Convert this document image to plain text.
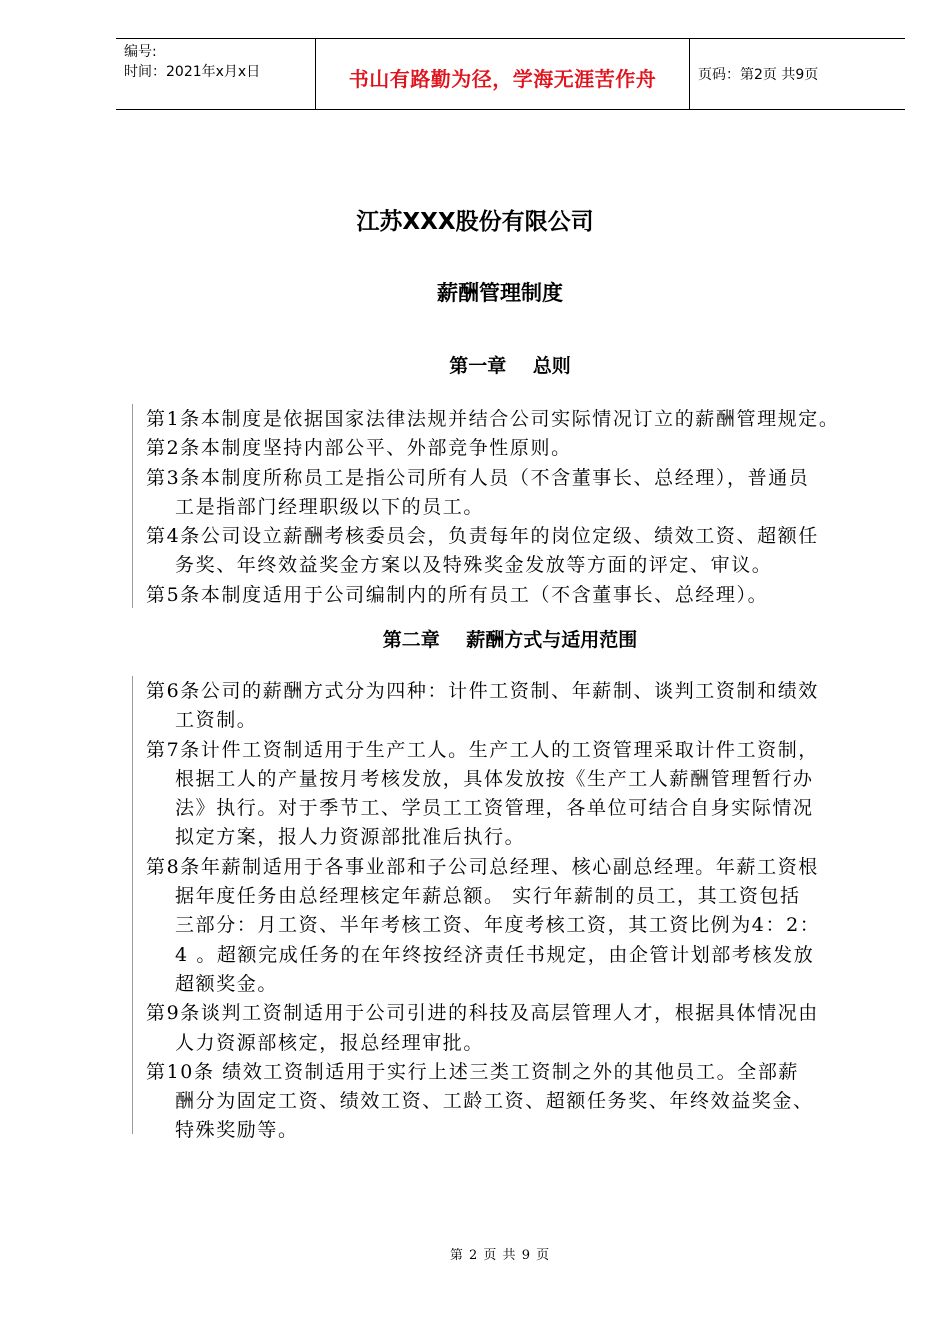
编号:
时间：2021年x月x日	书山有路勤为径，学海无涯苦作舟	页码：第2页 共9页
江苏XXX股份有限公司
薪酬管理制度
第一章    总则
第1条本制度是依据国家法律法规并结合公司实际情况订立的薪酬管理规定。
第2条本制度坚持内部公平、外部竞争性原则。
第3条本制度所称员工是指公司所有人员（不含董事长、总经理），普通员
工是指部门经理职级以下的员工。
第4条公司设立薪酬考核委员会，负责每年的岗位定级、绩效工资、超额任
务奖、年终效益奖金方案以及特殊奖金发放等方面的评定、审议。
第5条本制度适用于公司编制内的所有员工（不含董事长、总经理）。
第二章    薪酬方式与适用范围
第6条公司的薪酬方式分为四种：计件工资制、年薪制、谈判工资制和绩效
工资制。
第7条计件工资制适用于生产工人。生产工人的工资管理采取计件工资制，
根据工人的产量按月考核发放，具体发放按《生产工人薪酬管理暂行办
法》执行。对于季节工、学员工工资管理，各单位可结合自身实际情况
拟定方案，报人力资源部批准后执行。
第8条年薪制适用于各事业部和子公司总经理、核心副总经理。年薪工资根
据年度任务由总经理核定年薪总额。 实行年薪制的员工，其工资包括
三部分：月工资、半年考核工资、年度考核工资，其工资比例为4：2：
4 。超额完成任务的在年终按经济责任书规定，由企管计划部考核发放
超额奖金。
第9条谈判工资制适用于公司引进的科技及高层管理人才，根据具体情况由
人力资源部核定，报总经理审批。
第10条 绩效工资制适用于实行上述三类工资制之外的其他员工。全部薪
酬分为固定工资、绩效工资、工龄工资、超额任务奖、年终效益奖金、
特殊奖励等。
第 2 页 共 9 页
